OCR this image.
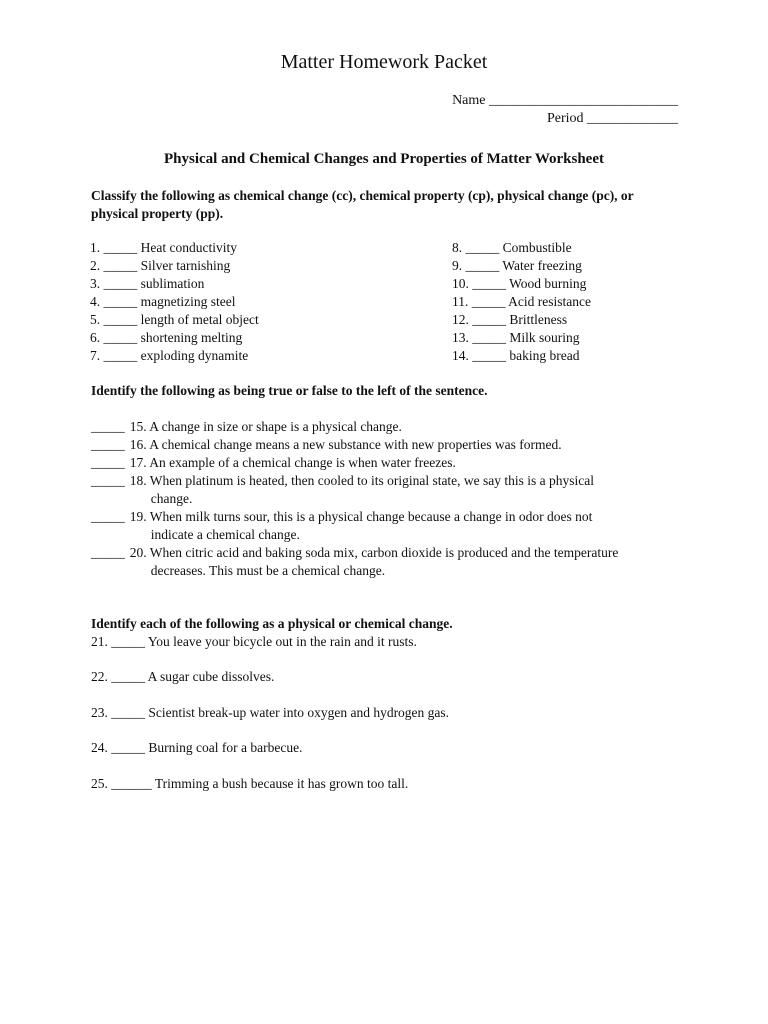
Matter Homework Packet
Name ___________________________
Period _____________
Physical and Chemical Changes and Properties of Matter Worksheet
Classify the following as chemical change (cc), chemical property (cp), physical change (pc), or physical property (pp).
1. _____ Heat conductivity
2. _____ Silver tarnishing
3. _____ sublimation
4. _____ magnetizing steel
5. _____ length of metal object
6. _____ shortening melting
7. _____ exploding dynamite
8. _____ Combustible
9. _____ Water freezing
10. _____ Wood burning
11. _____ Acid resistance
12. _____ Brittleness
13. _____ Milk souring
14. _____ baking bread
Identify the following as being true or false to the left of the sentence.
_____ 15. A change in size or shape is a physical change.
_____ 16. A chemical change means a new substance with new properties was formed.
_____ 17. An example of a chemical change is when water freezes.
_____ 18. When platinum is heated, then cooled to its original state, we say this is a physical
change.
_____ 19. When milk turns sour, this is a physical change because a change in odor does not
indicate a chemical change.
_____ 20. When citric acid and baking soda mix, carbon dioxide is produced and the temperature
decreases. This must be a chemical change.
Identify each of the following as a physical or chemical change.
21. _____ You leave your bicycle out in the rain and it rusts.
22. _____ A sugar cube dissolves.
23. _____ Scientist break-up water into oxygen and hydrogen gas.
24. _____ Burning coal for a barbecue.
25. ______ Trimming a bush because it has grown too tall.
